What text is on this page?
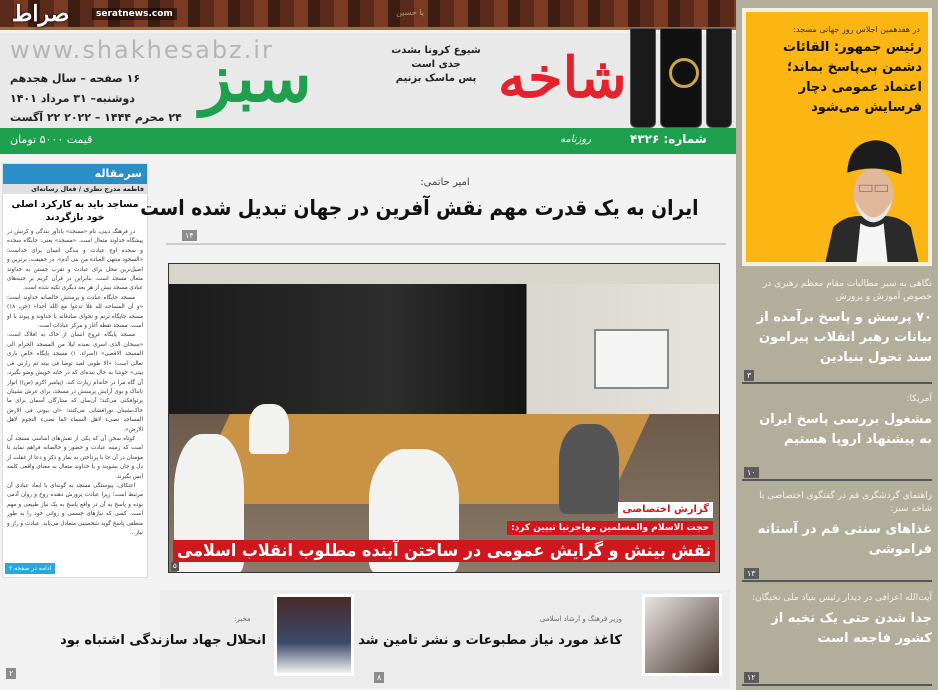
یا حسین
صراط	seratnews.com
www.shakhesabz.ir
۱۶ صفحه – سال هجدهم
دوشنبه– ۳۱ مرداد ۱۴۰۱
۲۴ محرم ۱۴۴۴ – ۲۰۲۲ ۲۲ آگست
سبز	شاخه
شیوع کرونا بشدت جدی است
پس ماسک بزنیم
قیمت ۵۰۰۰ تومان	روزنامه	شماره: ۴۳۲۶
در هفدهمین اجلاس روز جهانی مسجد:
رئیس جمهور: القائات دشمن بی‌پاسخ بماند؛ اعتماد عمومی دچار فرسایش می‌شود
نگاهی به سیر مطالبات مقام معظم رهبری در خصوص آموزش و پرورش
۷۰ پرسش و پاسخ برآمده از بیانات رهبر انقلاب پیرامون سند تحول بنیادین
۳
آمریکا:
مشغول بررسی پاسخ ایران به پیشنهاد اروپا هستیم
۱۰
راهنمای گردشگری قم در گفتگوی اختصاصی با شاخه سبز:
غذاهای سنتی قم در آستانه فراموشی
۱۳
آیت‌الله اعرافی در دیدار رئیس بنیاد ملی نخبگان:
جدا شدن حتی یک نخبه از کشور فاجعه است
۱۲
سرمقاله
فاطمه مدرج نظری / فعال رسانه‌ای
مساجد باید به کارکرد اصلی خود بازگردند

در فرهنگ دینی، نام «مسجد» یادآور بندگی و کرنش در پیشگاه خداوند متعال است. «مسجد» یعنی: جایگاه سجده و سجده اوج عبادت و بندگی انسان برای خداست؛ «السجود منتهی العبادة من بنی آدم». در حقیقت، برترین و اصیل‌ترین محل برای عبادت و تقرب جستن به خداوند متعال مسجد است، بنابراین در قرآن کریم بر جنبه‌های عبادی مسجد بیش از هر بعد دیگری تکیه شده است.

مسجد جایگاه عبادت و پرستش خالصانه خداوند است؛ «و أن المساجد لله فلا تدعوا مع الله أحدا» (جن، ۱۸) مسجد جایگاه ترنم و نجوای صادقانه با خداوند و پیوند با او است. مسجد نقطه آغاز و مرکز عبادات است.

مسجد پایگاه عروج انسان از خاک به افلاک است: «سبحان الذی اسری بعبده لیلا من المسجد الحرام الی المسجد الاقصی» (اسراء، ۱) مسجد پایگاه خاص باری تعالی است؛ «الا طوبی لعبد توضا فی بیته ثم زارنی فی بیتی» خوشا به حال بنده‌ای که در خانه خویش وضو بگیرد، آن گاه مرا در خانه‌ام زیارت کند. (پیامبر اکرم (ص)) انوار تابناک و بوی آرایش پرستش در مسجد، برای عرش نشینان پرتوافکنی می‌کند؛ آن‌سان که ستارگان آسمان برای ما خاک‌نشینان نورافشانی می‌کنند؛ «ان بیوتی فی الارض المساجد تضیء لاهل السماء کما تضیء النجوم لاهل الارض».

کوتاه سخن آن که یکی از نقش‌های اساسی مسجد آن است که زمینه عبادت و حضور و خالصانه فراهم نماید تا مؤمنان در آن جا با پرداختن به نماز و ذکر و دعا از غفلت از دل و جان بشویند و با خداوند متعال به معنای واقعی کلمه انس بگیرند.

اعتکاف، پیوستگی مسجد به گونه‌ای با ابعاد عبادی آن مرتبط است؛ زیرا عبادت پرورش دهنده روح و روان آدمی بوده و پاسخ به آن در واقع پاسخ به یک نیاز طبیعی و مهم است. کسی که نیازهای جسمی و روانی خود را به طور منطقی پاسخ گوید شخصیتی متعادل می‌یابد. عبادت و راز و نیاز...

ادامه در صفحه ۲
امیر حاتمی:
ایران به یک قدرت مهم نقش آفرین در جهان تبدیل شده است
۱۴
گزارش اختصاصی
حجت الاسلام والمسلمین مهاجرنیا تبیین کرد:
نقش بینش و گرایش عمومی در ساختن آینده مطلوب انقلاب اسلامی
۵
وزیر فرهنگ و ارشاد اسلامی
کاغذ مورد نیاز مطبوعات و نشر تامین شد
مخبر:
انحلال جهاد سازندگی اشتباه بود
۸
۲
